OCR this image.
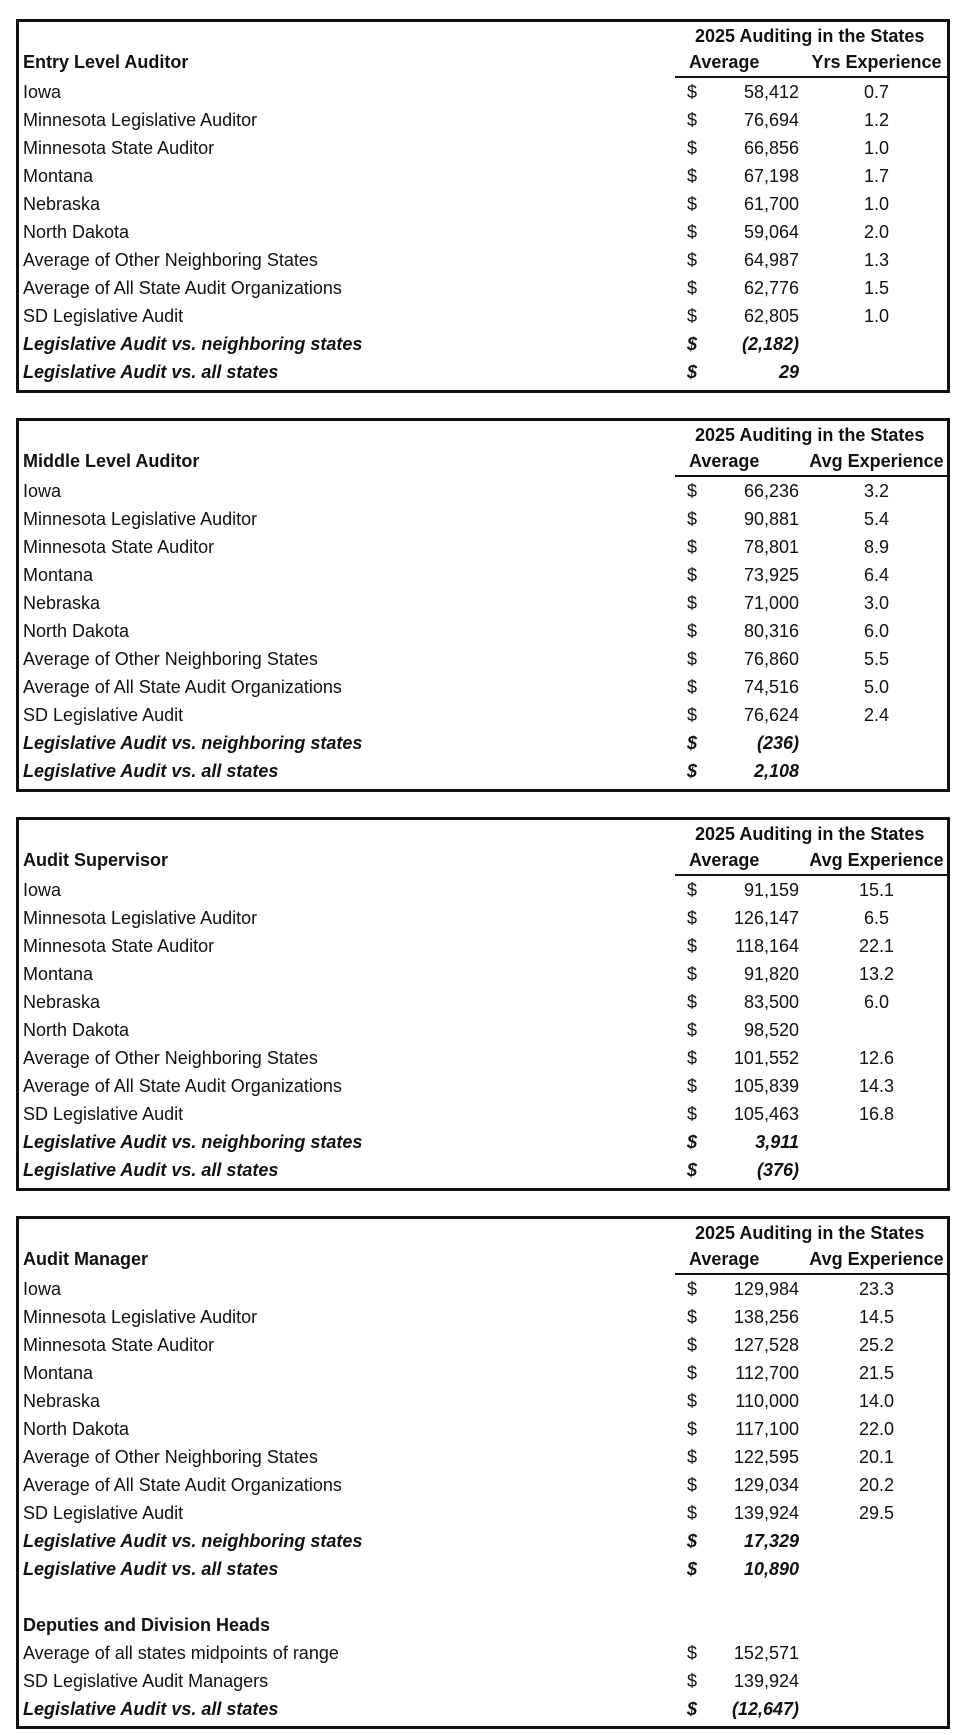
2025 Auditing in the States
Entry Level Auditor	Average	Yrs Experience
Iowa	$	58,412	0.7
Minnesota Legislative Auditor	$	76,694	1.2
Minnesota State Auditor	$	66,856	1.0
Montana	$	67,198	1.7
Nebraska	$	61,700	1.0
North Dakota	$	59,064	2.0
Average of Other Neighboring States	$	64,987	1.3
Average of All State Audit Organizations	$	62,776	1.5
SD Legislative Audit	$	62,805	1.0
Legislative Audit vs. neighboring states	$	(2,182)
Legislative Audit vs. all states	$	29
2025 Auditing in the States
Middle Level Auditor	Average	Avg Experience
Iowa	$	66,236	3.2
Minnesota Legislative Auditor	$	90,881	5.4
Minnesota State Auditor	$	78,801	8.9
Montana	$	73,925	6.4
Nebraska	$	71,000	3.0
North Dakota	$	80,316	6.0
Average of Other Neighboring States	$	76,860	5.5
Average of All State Audit Organizations	$	74,516	5.0
SD Legislative Audit	$	76,624	2.4
Legislative Audit vs. neighboring states	$	(236)
Legislative Audit vs. all states	$	2,108
2025 Auditing in the States
Audit Supervisor	Average	Avg Experience
Iowa	$	91,159	15.1
Minnesota Legislative Auditor	$	126,147	6.5
Minnesota State Auditor	$	118,164	22.1
Montana	$	91,820	13.2
Nebraska	$	83,500	6.0
North Dakota	$	98,520
Average of Other Neighboring States	$	101,552	12.6
Average of All State Audit Organizations	$	105,839	14.3
SD Legislative Audit	$	105,463	16.8
Legislative Audit vs. neighboring states	$	3,911
Legislative Audit vs. all states	$	(376)
2025 Auditing in the States
Audit Manager	Average	Avg Experience
Iowa	$	129,984	23.3
Minnesota Legislative Auditor	$	138,256	14.5
Minnesota State Auditor	$	127,528	25.2
Montana	$	112,700	21.5
Nebraska	$	110,000	14.0
North Dakota	$	117,100	22.0
Average of Other Neighboring States	$	122,595	20.1
Average of All State Audit Organizations	$	129,034	20.2
SD Legislative Audit	$	139,924	29.5
Legislative Audit vs. neighboring states	$	17,329
Legislative Audit vs. all states	$	10,890
Deputies and Division Heads
Average of all states midpoints of range	$	152,571
SD Legislative Audit Managers	$	139,924
Legislative Audit vs. all states	$	(12,647)
